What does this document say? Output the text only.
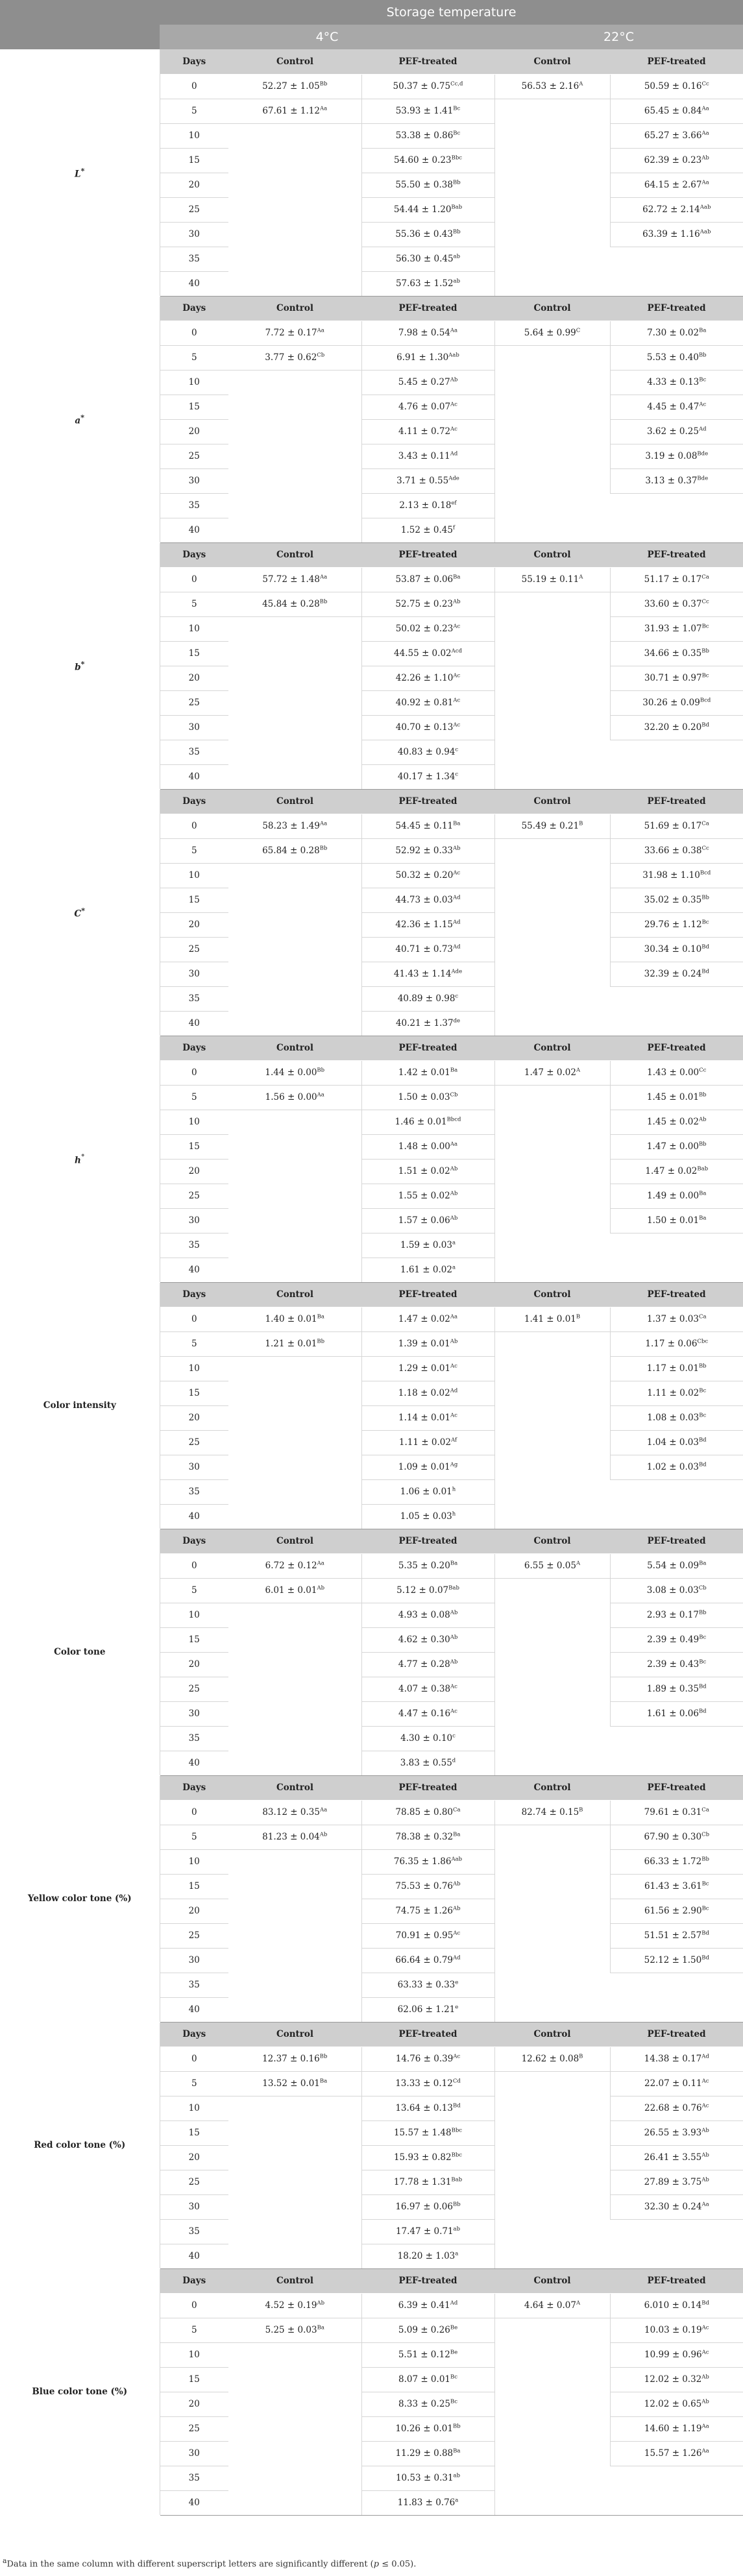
	Storage temperature				
	4°C			22°C	
L*	Days	Control	PEF-treated	Control	PEF-treated
	0	$52.27 \pm 1.05^{Bb}$	$50.37 \pm 0.75^{Cc,d}$	$56.53 \pm 2.16^A$	$50.59 \pm 0.16^{Cc}$
	5	$67.61 \pm 1.12^{Aa}$	$53.93 \pm 1.41^{Bc}$		$65.45 \pm 0.84^{Aa}$
	10		$53.38 \pm 0.86^{Bc}$		$65.27 \pm 3.66^{Aa}$
	15		$54.60 \pm 0.23^{Bbc}$		$62.39 \pm 0.23^{Ab}$
	20		$55.50 \pm 0.38^{Bb}$		$64.15 \pm 2.67^{Aa}$
	25		$54.44 \pm 1.20^{Bab}$		$62.72 \pm 2.14^{Aab}$
	30		$55.36 \pm 0.43^{Bb}$		$63.39 \pm 1.16^{Aab}$
	35		56.30 ± 0.45$^{ab}$	
	40		57.63 ± 1.52$^{ab}$
a*	Days	Control	PEF-treated	Control	PEF-treated
	0	$7.72 \pm 0.17^{Aa}$	$7.98 \pm 0.54^{Aa}$	$5.64 \pm 0.99^C$	$7.30 \pm 0.02^{Ba}$
	5	$3.77 \pm 0.62^{Cb}$	$6.91 \pm 1.30^{Aab}$		$5.53 \pm 0.40^{Bb}$
	10		$5.45 \pm 0.27^{Ab}$		$4.33 \pm 0.13^{Bc}$
	15		$4.76 \pm 0.07^{Ac}$		$4.45 \pm 0.47^{Ac}$
	20		$4.11 \pm 0.72^{Ac}$		$3.62 \pm 0.25^{Ad}$
	25		$3.43 \pm 0.11^{Ad}$		$3.19 \pm 0.08^{Bde}$
	30		$3.71 \pm 0.55^{Ade}$		$3.13 \pm 0.37^{Bde}$
	35		2.13 ± 0.18$^{ef}$	
	40		1.52 ± 0.45$^f$
b*	Days	Control	PEF-treated	Control	PEF-treated
	0	$57.72 \pm 1.48^{Aa}$	$53.87 \pm 0.06^{Ba}$	$55.19 \pm 0.11^A$	$51.17 \pm 0.17^{Ca}$
	5	$45.84 \pm 0.28^{Bb}$	$52.75 \pm 0.23^{Ab}$		$33.60 \pm 0.37^{Cc}$
	10		$50.02 \pm 0.23^{Ac}$		$31.93 \pm 1.07^{Bc}$
	15		$44.55 \pm 0.02^{Acd}$		$34.66 \pm 0.35^{Bb}$
	20		$42.26 \pm 1.10^{Ac}$		$30.71 \pm 0.97^{Bc}$
	25		$40.92 \pm 0.81^{Ac}$		$30.26 \pm 0.09^{Bcd}$
	30		$40.70 \pm 0.13^{Ac}$		$32.20 \pm 0.20^{Bd}$
	35		40.83 ± 0.94$^c$	
	40		40.17 ± 1.34$^c$
C*	Days	Control	PEF-treated	Control	PEF-treated
	0	$58.23 \pm 1.49^{Aa}$	$54.45 \pm 0.11^{Ba}$	$55.49 \pm 0.21^B$	$51.69 \pm 0.17^{Ca}$
	5	$65.84 \pm 0.28^{Bb}$	$52.92 \pm 0.33^{Ab}$		$33.66 \pm 0.38^{Cc}$
	10		$50.32 \pm 0.20^{Ac}$		$31.98 \pm 1.10^{Bcd}$
	15		$44.73 \pm 0.03^{Ad}$		$35.02 \pm 0.35^{Bb}$
	20		$42.36 \pm 1.15^{Ad}$		$29.76 \pm 1.12^{Bc}$
	25		$40.71 \pm 0.73^{Ad}$		$30.34 \pm 0.10^{Bd}$
	30		$41.43 \pm 1.14^{Ade}$		$32.39 \pm 0.24^{Bd}$
	35		40.89 ± 0.98$^c$	
	40		40.21 ± 1.37de
h°	Days	Control	PEF-treated	Control	PEF-treated
	0	$1.44 \pm 0.00^{Bb}$	$1.42 \pm 0.01^{Ba}$	$1.47 \pm 0.02^A$	$1.43 \pm 0.00^{Cc}$
	5	$1.56 \pm 0.00^{Aa}$	$1.50 \pm 0.03^{Cb}$		$1.45 \pm 0.01^{Bb}$
	10		$1.46 \pm 0.01^{Bbcd}$		$1.45 \pm 0.02^{Ab}$
	15		$1.48 \pm 0.00^{Aa}$		$1.47 \pm 0.00^{Bb}$
	20		$1.51 \pm 0.02^{Ab}$		$1.47 \pm 0.02^{Bab}$
	25		$1.55 \pm 0.02^{Ab}$		$1.49 \pm 0.00^{Ba}$
	30		$1.57 \pm 0.06^{Ab}$		$1.50 \pm 0.01^{Ba}$
	35		1.59 ± 0.03$^a$	
	40		1.61 ± 0.02$^a$
Color intensity	Days	Control	PEF-treated	Control	PEF-treated
	0	$1.40 \pm 0.01^{Ba}$	$1.47 \pm 0.02^{Aa}$	$1.41 \pm 0.01^B$	$1.37 \pm 0.03^{Ca}$
	5	$1.21 \pm 0.01^{Bb}$	$1.39 \pm 0.01^{Ab}$		$1.17 \pm 0.06^{Cbc}$
	10		$1.29 \pm 0.01^{Ac}$		$1.17 \pm 0.01^{Bb}$
	15		$1.18 \pm 0.02^{Ad}$		$1.11 \pm 0.02^{Bc}$
	20		$1.14 \pm 0.01^{Ac}$		$1.08 \pm 0.03^{Bc}$
	25		$1.11 \pm 0.02^{Af}$		$1.04 \pm 0.03^{Bd}$
	30		$1.09 \pm 0.01^{Ag}$		$1.02 \pm 0.03^{Bd}$
	35		1.06 ± 0.01$^h$	
	40		1.05 ± 0.03$^h$
Color tone	Days	Control	PEF-treated	Control	PEF-treated
	0	$6.72 \pm 0.12^{Aa}$	$5.35 \pm 0.20^{Ba}$	$6.55 \pm 0.05^A$	$5.54 \pm 0.09^{Ba}$
	5	$6.01 \pm 0.01^{Ab}$	$5.12 \pm 0.07^{Bab}$		$3.08 \pm 0.03^{Cb}$
	10		$4.93 \pm 0.08^{Ab}$		$2.93 \pm 0.17^{Bb}$
	15		$4.62 \pm 0.30^{Ab}$		$2.39 \pm 0.49^{Bc}$
	20		$4.77 \pm 0.28^{Ab}$		$2.39 \pm 0.43^{Bc}$
	25		$4.07 \pm 0.38^{Ac}$		$1.89 \pm 0.35^{Bd}$
	30		$4.47 \pm 0.16^{Ac}$		$1.61 \pm 0.06^{Bd}$
	35		4.30 ± 0.10$^c$	
	40		3.83 ± 0.55$^d$
Yellow color tone (%)	Days	Control	PEF-treated	Control	PEF-treated
	0	$83.12 \pm 0.35^{Aa}$	$78.85 \pm 0.80^{Ca}$	$82.74 \pm 0.15^B$	$79.61 \pm 0.31^{Ca}$
	5	$81.23 \pm 0.04^{Ab}$	$78.38 \pm 0.32^{Ba}$		$67.90 \pm 0.30^{Cb}$
	10		$76.35 \pm 1.86^{Aab}$		$66.33 \pm 1.72^{Bb}$
	15		$75.53 \pm 0.76^{Ab}$		$61.43 \pm 3.61^{Bc}$
	20		$74.75 \pm 1.26^{Ab}$		$61.56 \pm 2.90^{Bc}$
	25		$70.91 \pm 0.95^{Ac}$		$51.51 \pm 2.57^{Bd}$
	30		$66.64 \pm 0.79^{Ad}$		$52.12 \pm 1.50^{Bd}$
	35		63.33 ± 0.33$^e$	
	40		62.06 ± 1.21$^e$
Red color tone (%)	Days	Control	PEF-treated	Control	PEF-treated
	0	$12.37 \pm 0.16^{Bb}$	$14.76 \pm 0.39^{Ac}$	$12.62 \pm 0.08^B$	$14.38 \pm 0.17^{Ad}$
	5	$13.52 \pm 0.01^{Ba}$	$13.33 \pm 0.12^{Cd}$		$22.07 \pm 0.11^{Ac}$
	10		$13.64 \pm 0.13^{Bd}$		$22.68 \pm 0.76^{Ac}$
	15		$15.57 \pm 1.48^{Bbc}$		$26.55 \pm 3.93^{Ab}$
	20		$15.93 \pm 0.82^{Bbc}$		$26.41 \pm 3.55^{Ab}$
	25		$17.78 \pm 1.31^{Bab}$		$27.89 \pm 3.75^{Ab}$
	30		$16.97 \pm 0.06^{Bb}$		$32.30 \pm 0.24^{Aa}$
	35		17.47 ± 0.71$^{ab}$	
	40		18.20 ± 1.03$^a$
Blue color tone (%)	Days	Control	PEF-treated	Control	PEF-treated
	0	$4.52 \pm 0.19^{Ab}$	$6.39 \pm 0.41^{Ad}$	$4.64 \pm 0.07^A$	$6.010 \pm 0.14^{Bd}$
	5	$5.25 \pm 0.03^{Ba}$	$5.09 \pm 0.26^{Be}$		$10.03 \pm 0.19^{Ac}$
	10		$5.51 \pm 0.12^{Be}$		$10.99 \pm 0.96^{Ac}$
	15		$8.07 \pm 0.01^{Bc}$		$12.02 \pm 0.32^{Ab}$
	20		$8.33 \pm 0.25^{Bc}$		$12.02 \pm 0.65^{Ab}$
	25		$10.26 \pm 0.01^{Bb}$		$14.60 \pm 1.19^{Aa}$
	30		$11.29 \pm 0.88^{Ba}$		$15.57 \pm 1.26^{Aa}$
	35		10.53 ± 0.31$^{ab}$	
	40		11.83 ± 0.76$^a$
$^a$Data in the same column with different superscript letters are significantly different (p ≤ 0.05).
